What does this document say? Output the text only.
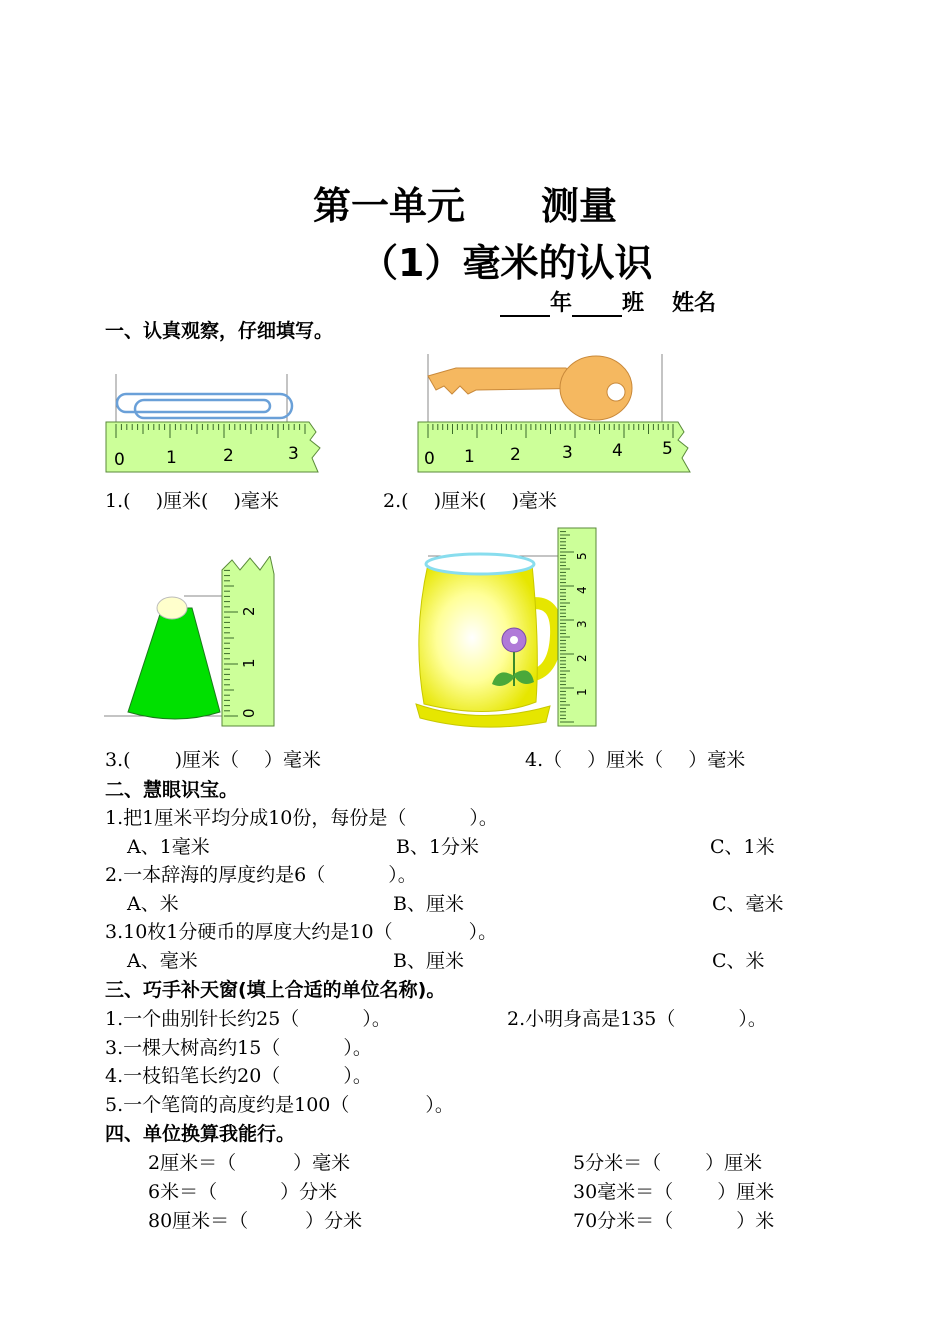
第一单元　　测量
（1）毫米的认识
年 班 姓名
一、认真观察，仔细填写。
0 1	2	3	0 1 2 3 4 5
1.(　 )厘米(　 )毫米	2.(　 )厘米(　 )毫米
0
1
2
1
2
3
4
5
3.(　　 )厘米（　 ）毫米	4.（　 ）厘米（　 ）毫米
二、慧眼识宝。
1.把1厘米平均分成10份，每份是（　　　 ）。
A、1毫米	B、1分米	C、1米
2.一本辞海的厚度约是6（　　　 ）。
A、米	B、厘米	C、毫米
3.10枚1分硬币的厚度大约是10（　　　　）。
A、毫米	B、厘米	C、米
三、巧手补天窗(填上合适的单位名称)。
1.一个曲别针长约25（　　　 ）。	2.小明身高是135（　　　 ）。
3.一棵大树高约15（　　　 ）。
4.一枝铅笔长约20（　　　 ）。
5.一个笔筒的高度约是100（　　　　）。
四、单位换算我能行。
2厘米＝（　　　）毫米	5分米＝（　　 ）厘米
6米＝（　　　 ）分米	30毫米＝（　　 ）厘米
80厘米＝（　　　）分米	70分米＝（　　　 ）米
